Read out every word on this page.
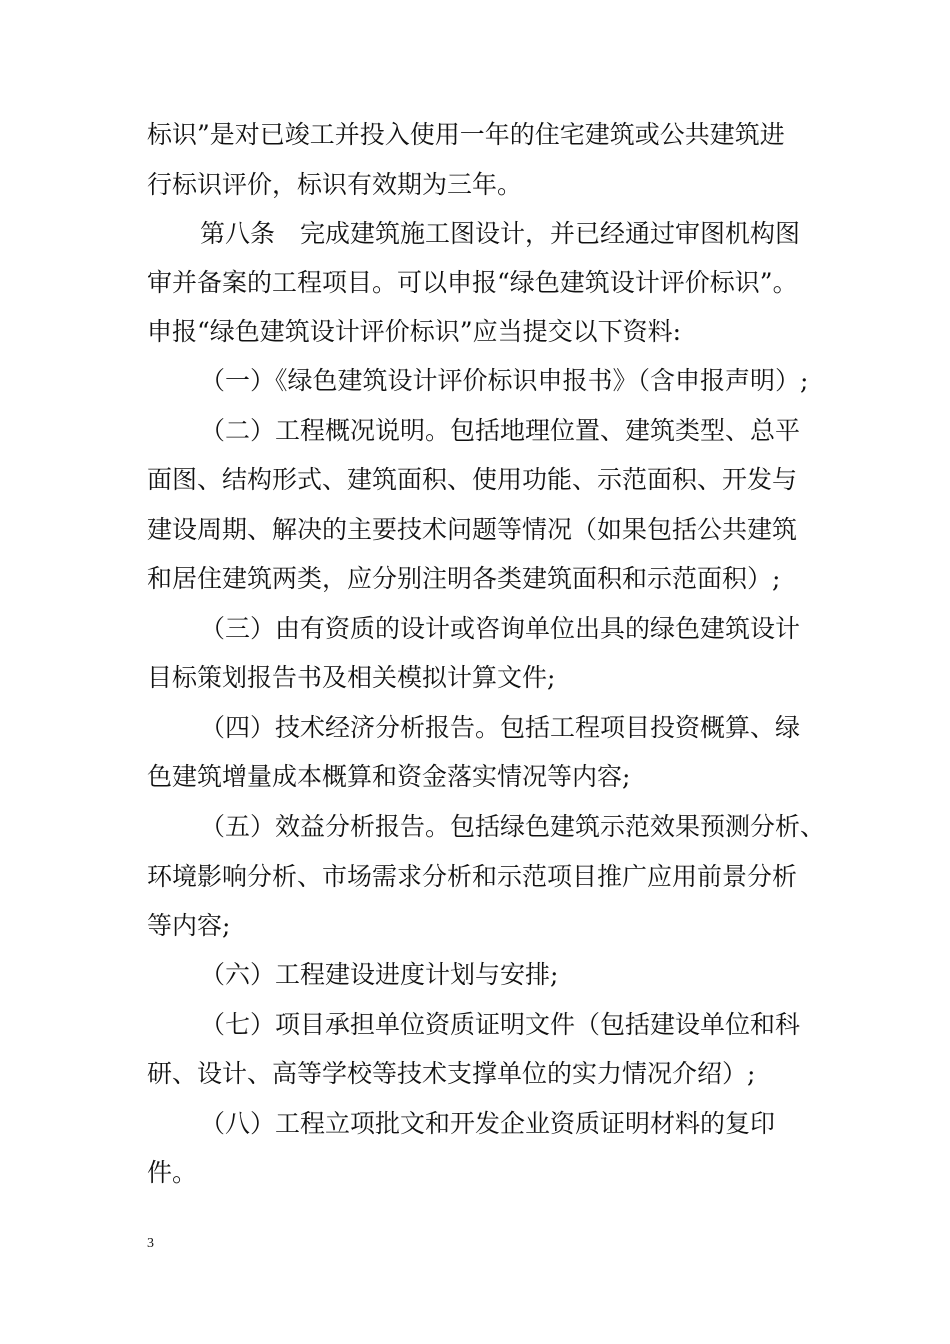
标识”是对已竣工并投入使用一年的住宅建筑或公共建筑进
行标识评价，标识有效期为三年。
第八条　完成建筑施工图设计，并已经通过审图机构图
审并备案的工程项目。可以申报“绿色建筑设计评价标识”。
申报“绿色建筑设计评价标识”应当提交以下资料:
（一）《绿色建筑设计评价标识申报书》（含申报声明）;
（二）工程概况说明。包括地理位置、建筑类型、总平
面图、结构形式、建筑面积、使用功能、示范面积、开发与
建设周期、解决的主要技术问题等情况（如果包括公共建筑
和居住建筑两类，应分别注明各类建筑面积和示范面积）;
（三）由有资质的设计或咨询单位出具的绿色建筑设计
目标策划报告书及相关模拟计算文件;
（四）技术经济分析报告。包括工程项目投资概算、绿
色建筑增量成本概算和资金落实情况等内容;
（五）效益分析报告。包括绿色建筑示范效果预测分析、
环境影响分析、市场需求分析和示范项目推广应用前景分析
等内容;
（六）工程建设进度计划与安排;
（七）项目承担单位资质证明文件（包括建设单位和科
研、设计、高等学校等技术支撑单位的实力情况介绍）;
（八）工程立项批文和开发企业资质证明材料的复印
件。
3
